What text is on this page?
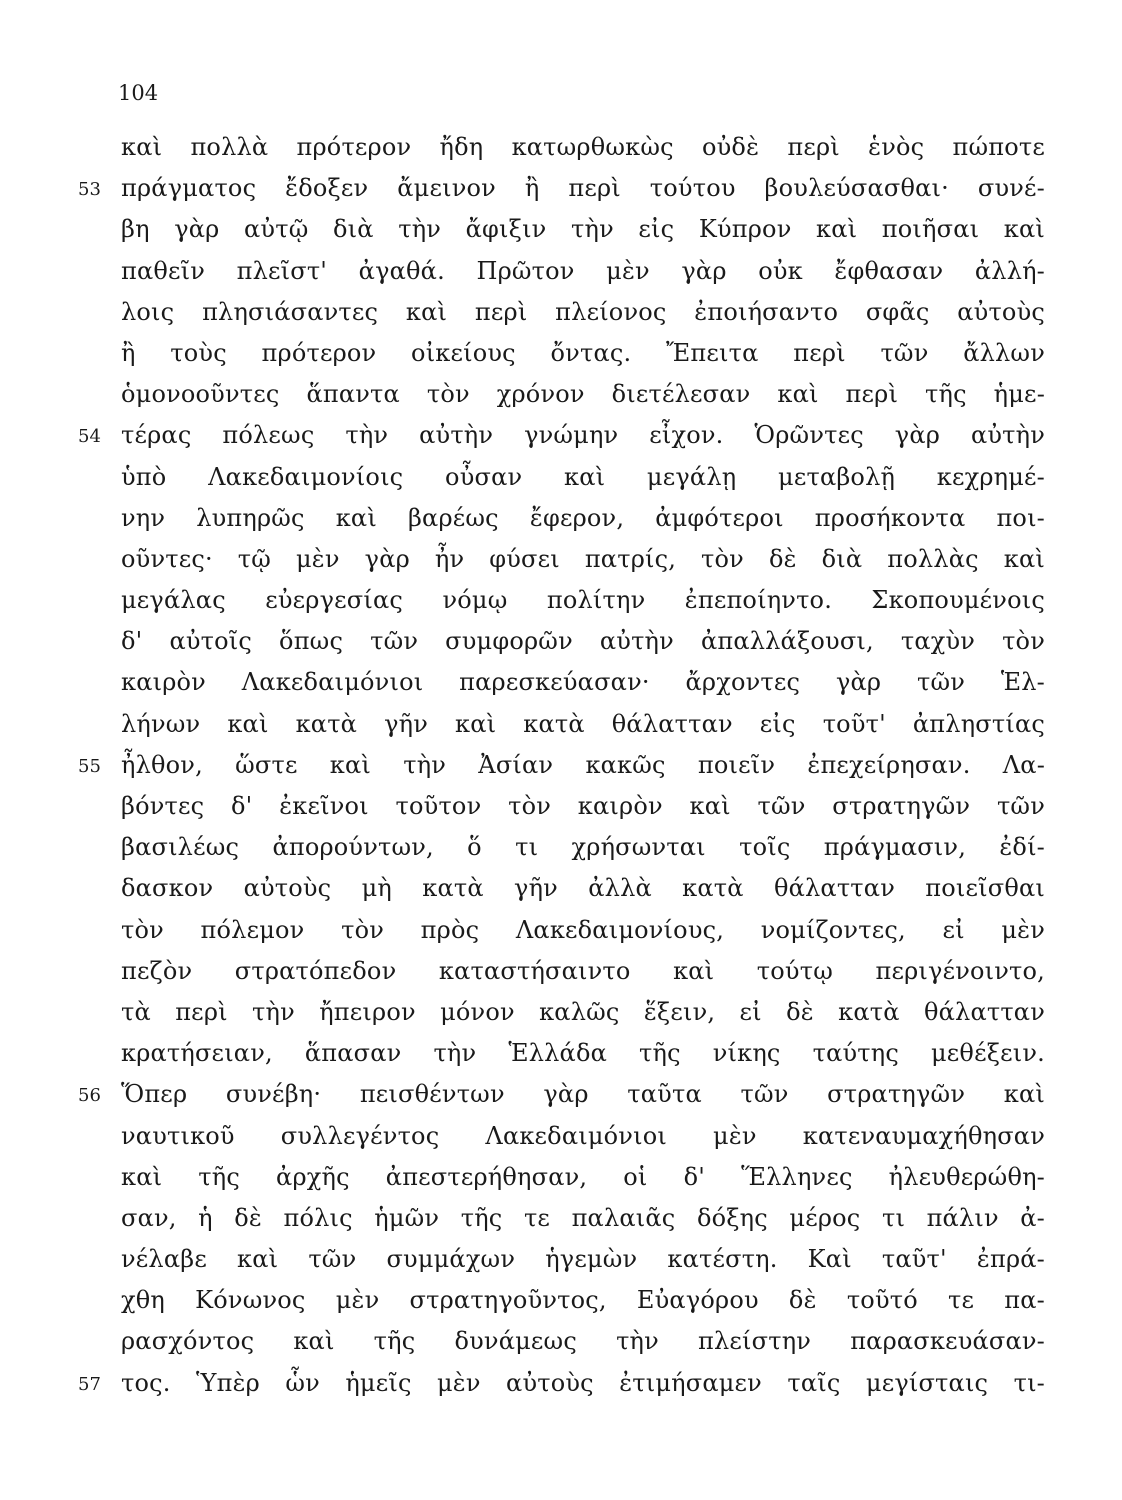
104
καὶ πολλὰ πρότερον ἤδη κατωρθωκὼς οὐδὲ περὶ ἑνὸς πώποτε
53 πράγματος ἔδοξεν ἄμεινον ἢ περὶ τούτου βουλεύσασθαι· συνέ-
βη γὰρ αὐτῷ διὰ τὴν ἄφιξιν τὴν εἰς Κύπρον καὶ ποιῆσαι καὶ
παθεῖν πλεῖστ' ἀγαθά. Πρῶτον μὲν γὰρ οὐκ ἔφθασαν ἀλλή-
λοις πλησιάσαντες καὶ περὶ πλείονος ἐποιήσαντο σφᾶς αὐτοὺς
ἢ τοὺς πρότερον οἰκείους ὄντας. Ἔπειτα περὶ τῶν ἄλλων
ὁμονοοῦντες ἅπαντα τὸν χρόνον διετέλεσαν καὶ περὶ τῆς ἡμε-
54 τέρας πόλεως τὴν αὐτὴν γνώμην εἶχον. Ὁρῶντες γὰρ αὐτὴν
ὑπὸ Λακεδαιμονίοις οὖσαν καὶ μεγάλῃ μεταβολῇ κεχρημέ-
νην λυπηρῶς καὶ βαρέως ἔφερον, ἀμφότεροι προσήκοντα ποι-
οῦντες· τῷ μὲν γὰρ ἦν φύσει πατρίς, τὸν δὲ διὰ πολλὰς καὶ
μεγάλας εὐεργεσίας νόμῳ πολίτην ἐπεποίηντο. Σκοπουμένοις
δ' αὐτοῖς ὅπως τῶν συμφορῶν αὐτὴν ἀπαλλάξουσι, ταχὺν τὸν
καιρὸν Λακεδαιμόνιοι παρεσκεύασαν· ἄρχοντες γὰρ τῶν Ἑλ-
λήνων καὶ κατὰ γῆν καὶ κατὰ θάλατταν εἰς τοῦτ' ἀπληστίας
55 ἦλθον, ὥστε καὶ τὴν Ἀσίαν κακῶς ποιεῖν ἐπεχείρησαν. Λα-
βόντες δ' ἐκεῖνοι τοῦτον τὸν καιρὸν καὶ τῶν στρατηγῶν τῶν
βασιλέως ἀπορούντων, ὅ τι χρήσωνται τοῖς πράγμασιν, ἐδί-
δασκον αὐτοὺς μὴ κατὰ γῆν ἀλλὰ κατὰ θάλατταν ποιεῖσθαι
τὸν πόλεμον τὸν πρὸς Λακεδαιμονίους, νομίζοντες, εἰ μὲν
πεζὸν στρατόπεδον καταστήσαιντο καὶ τούτῳ περιγένοιντο,
τὰ περὶ τὴν ἤπειρον μόνον καλῶς ἕξειν, εἰ δὲ κατὰ θάλατταν
κρατήσειαν, ἅπασαν τὴν Ἑλλάδα τῆς νίκης ταύτης μεθέξειν.
56 Ὅπερ συνέβη· πεισθέντων γὰρ ταῦτα τῶν στρατηγῶν καὶ
ναυτικοῦ συλλεγέντος Λακεδαιμόνιοι μὲν κατεναυμαχήθησαν
καὶ τῆς ἀρχῆς ἀπεστερήθησαν, οἱ δ' Ἕλληνες ἠλευθερώθη-
σαν, ἡ δὲ πόλις ἡμῶν τῆς τε παλαιᾶς δόξης μέρος τι πάλιν ἀ-
νέλαβε καὶ τῶν συμμάχων ἡγεμὼν κατέστη. Καὶ ταῦτ' ἐπρά-
χθη Κόνωνος μὲν στρατηγοῦντος, Εὐαγόρου δὲ τοῦτό τε πα-
ρασχόντος καὶ τῆς δυνάμεως τὴν πλείστην παρασκευάσαν-
57 τος. Ὑπὲρ ὧν ἡμεῖς μὲν αὐτοὺς ἐτιμήσαμεν ταῖς μεγίσταις τι-
